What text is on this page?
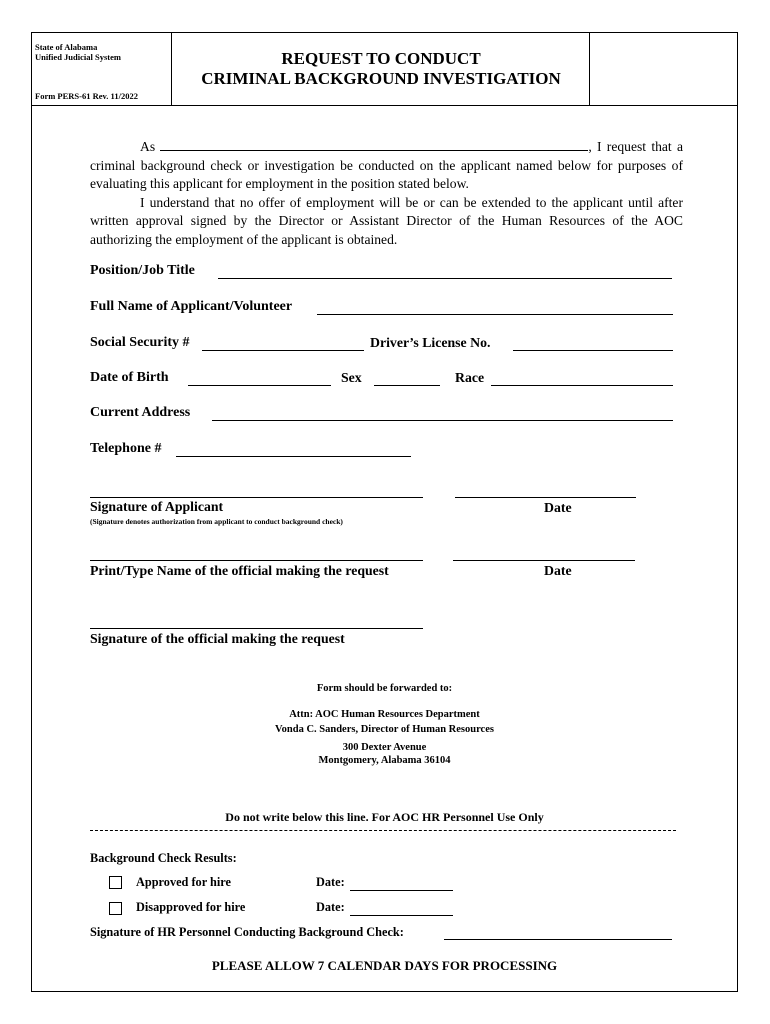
State of Alabama
Unified Judicial System
Form PERS-61 Rev. 11/2022
REQUEST TO CONDUCT
CRIMINAL BACKGROUND INVESTIGATION

As	, I request that a criminal background check or investigation be conducted on the applicant named below for purposes of evaluating this applicant for employment in the position stated below.

I understand that no offer of employment will be or can be extended to the applicant until after written approval signed by the Director or Assistant Director of the Human Resources of the AOC authorizing the employment of the applicant is obtained.

Position/Job Title
Full Name of Applicant/Volunteer
Social Security #	Driver’s License No.
Date of Birth	Sex	Race
Current Address
Telephone #
Signature of Applicant	Date
(Signature denotes authorization from applicant to conduct background check)
Print/Type Name of the official making the request	Date
Signature of the official making the request
Form should be forwarded to:
Attn: AOC Human Resources Department
Vonda C. Sanders, Director of Human Resources
300 Dexter Avenue
Montgomery, Alabama 36104
Do not write below this line. For AOC HR Personnel Use Only
Background Check Results:
Approved for hire	Date:
Disapproved for hire	Date:
Signature of HR Personnel Conducting Background Check:
PLEASE ALLOW 7 CALENDAR DAYS FOR PROCESSING
